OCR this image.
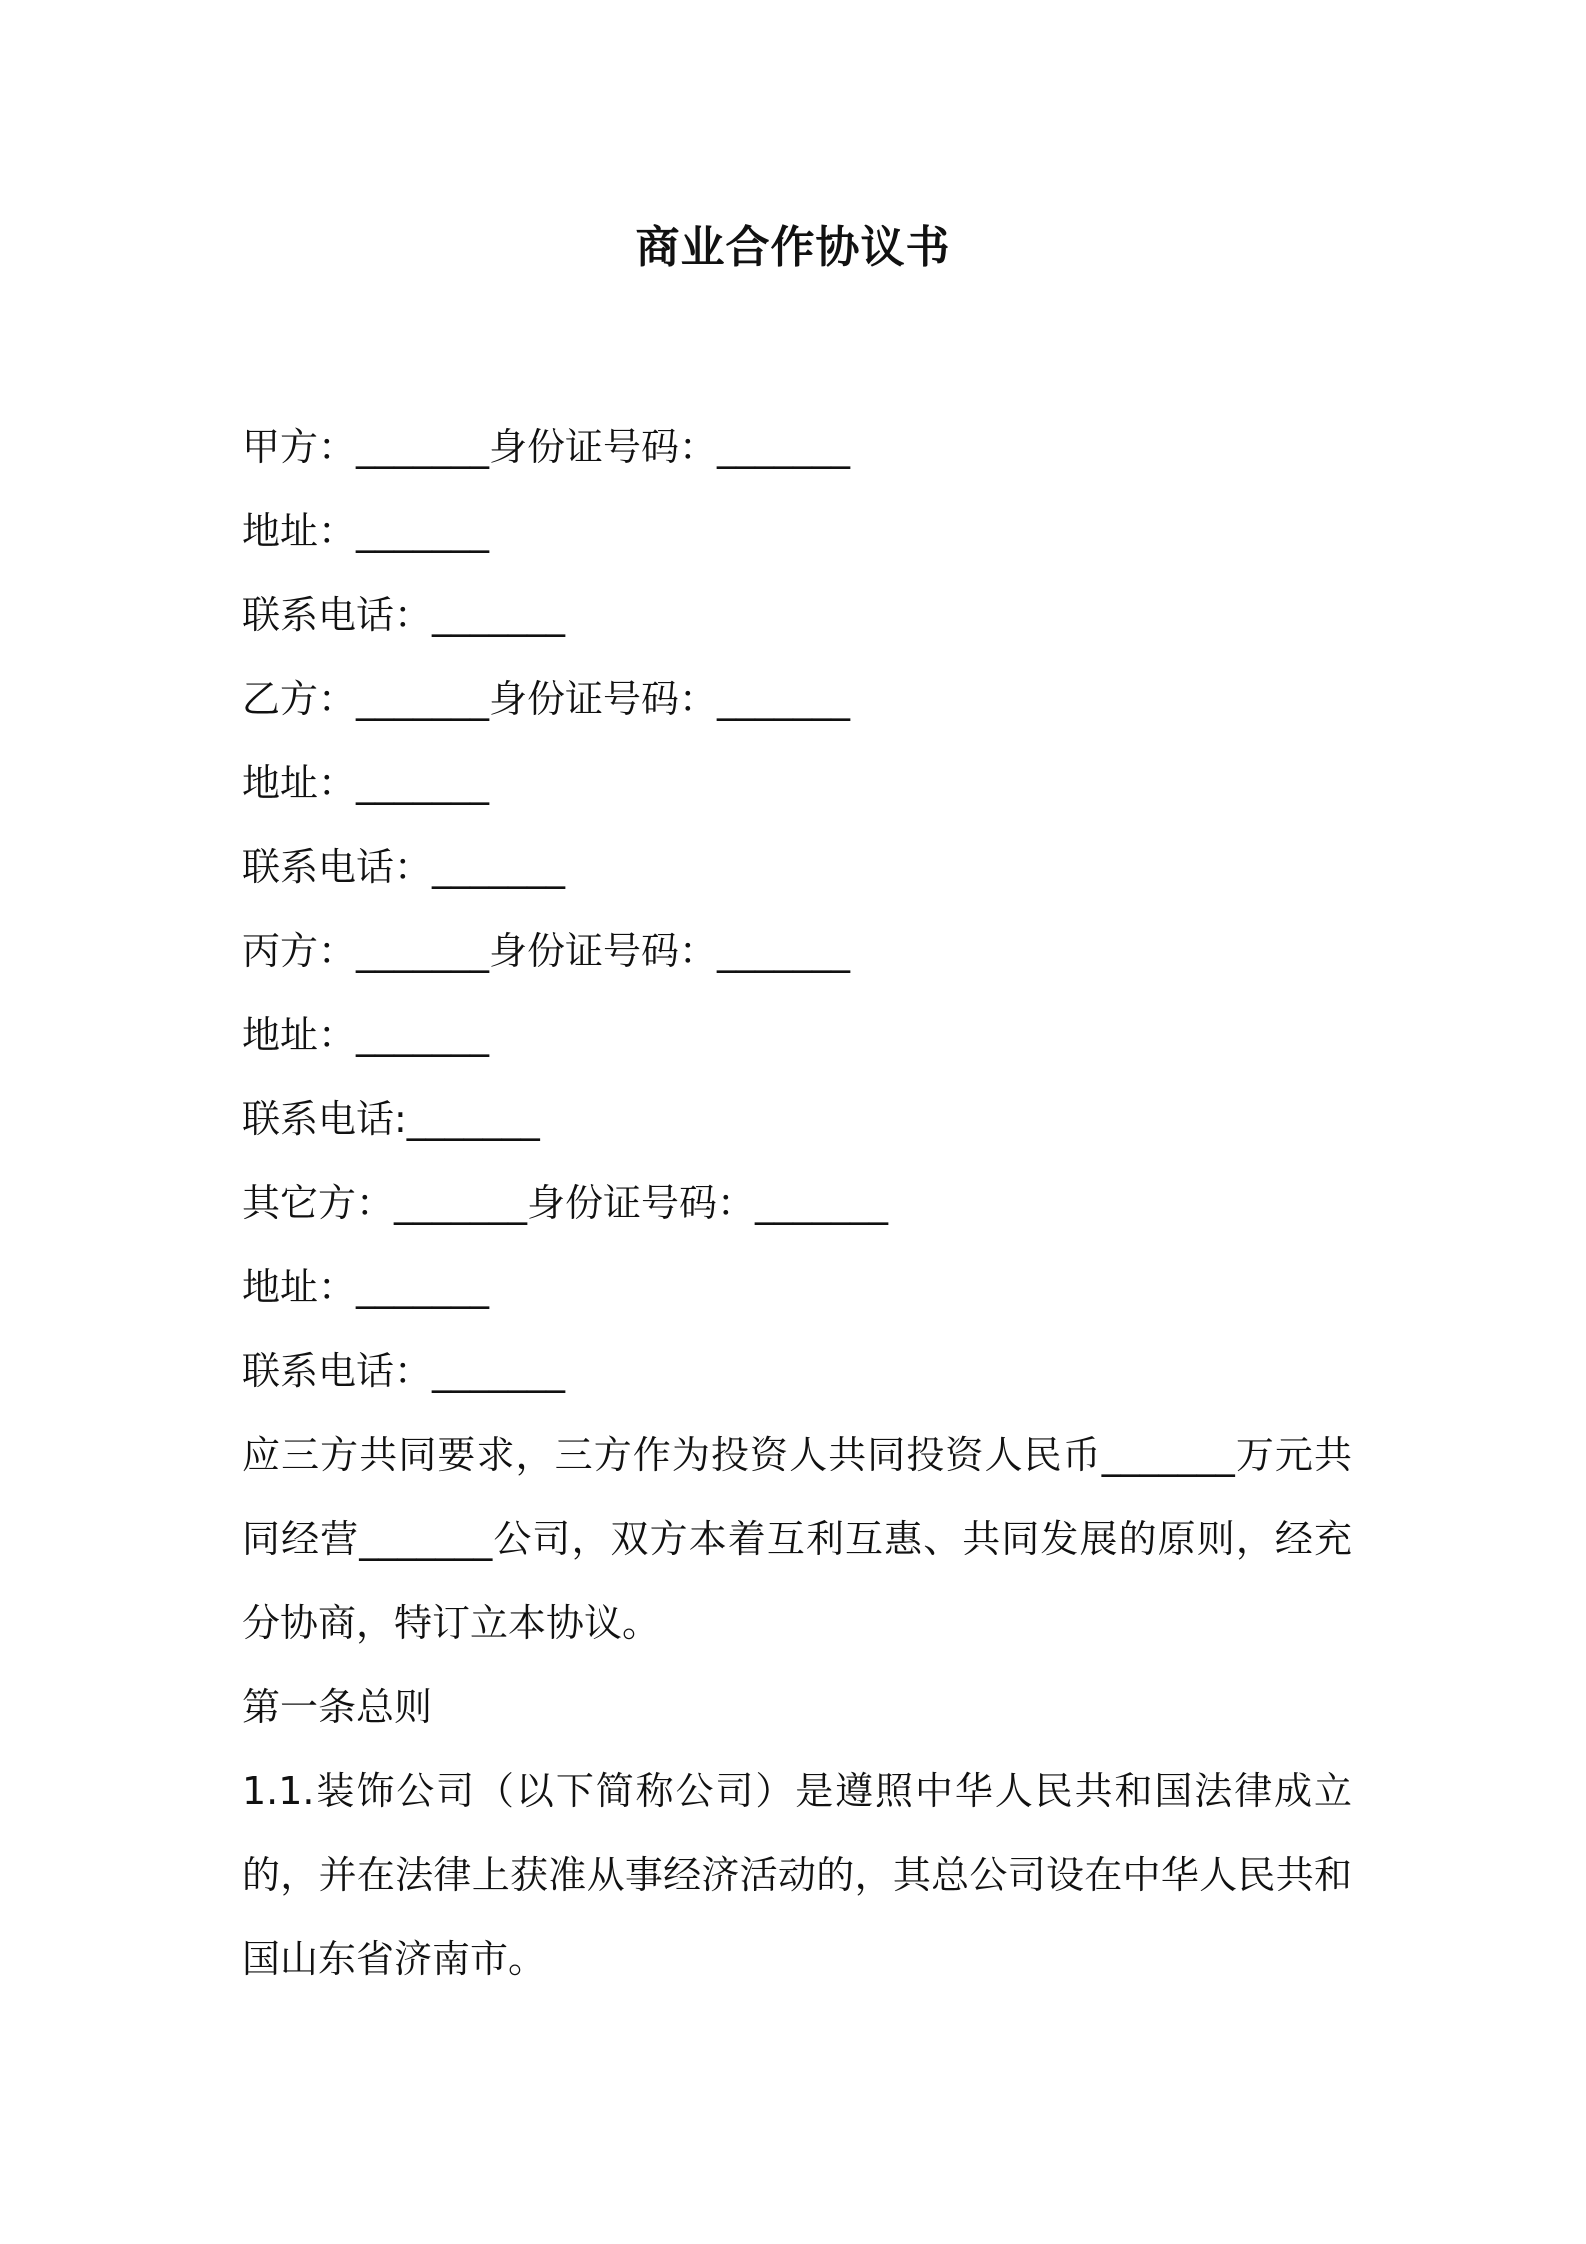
商业合作协议书
甲方：_______身份证号码：_______
地址：_______
联系电话：_______
乙方：_______身份证号码：_______
地址：_______
联系电话：_______
丙方：_______身份证号码：_______
地址：_______
联系电话:_______
其它方：_______身份证号码：_______
地址：_______
联系电话：_______
应三方共同要求，三方作为投资人共同投资人民币_______万元共同经营_______公司，双方本着互利互惠、共同发展的原则，经充分协商，特订立本协议。
第一条总则
1.1.装饰公司（以下简称公司）是遵照中华人民共和国法律成立的，并在法律上获准从事经济活动的，其总公司设在中华人民共和国山东省济南市。
